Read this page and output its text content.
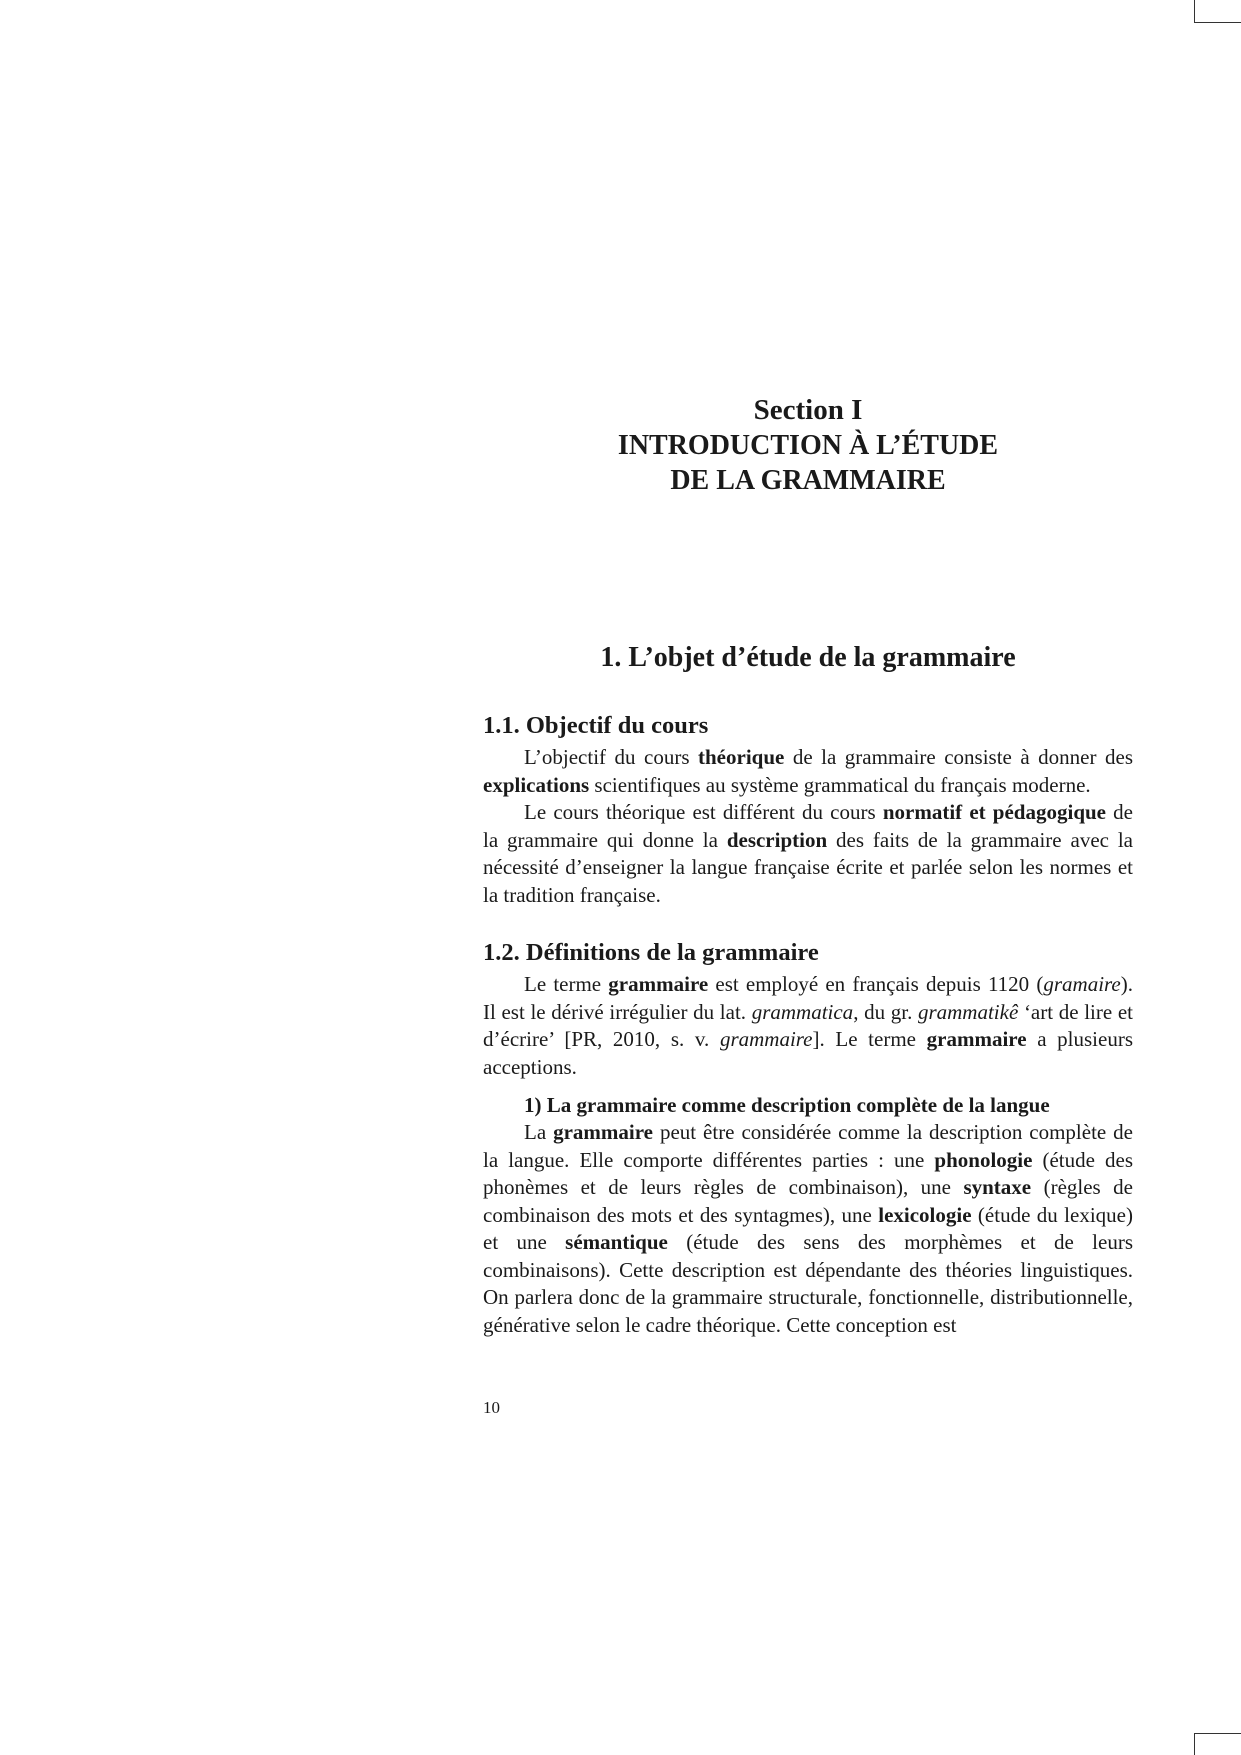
Section I
INTRODUCTION À L’ÉTUDE
DE LA GRAMMAIRE
1. L’objet d’étude de la grammaire
1.1. Objectif du cours

L’objectif du cours théorique de la grammaire consiste à donner des explications scientifiques au système grammatical du français moderne.

Le cours théorique est différent du cours normatif et pédagogique de la grammaire qui donne la description des faits de la grammaire avec la nécessité d’enseigner la langue française écrite et parlée selon les normes et la tradition française.

1.2. Définitions de la grammaire

Le terme grammaire est employé en français depuis 1120 (gramaire). Il est le dérivé irrégulier du lat. grammatica, du gr. grammatikê ‘art de lire et d’écrire’ [PR, 2010, s. v. grammaire]. Le terme grammaire a plusieurs acceptions.

1) La grammaire comme description complète de la langue

La grammaire peut être considérée comme la description complète de la langue. Elle comporte différentes parties : une phonologie (étude des phonèmes et de leurs règles de combinaison), une syntaxe (règles de combinaison des mots et des syntagmes), une lexicologie (étude du lexique) et une sémantique (étude des sens des morphèmes et de leurs combinaisons). Cette description est dépendante des théories linguistiques. On parlera donc de la grammaire structurale, fonctionnelle, distributionnelle, générative selon le cadre théorique. Cette conception est

10
